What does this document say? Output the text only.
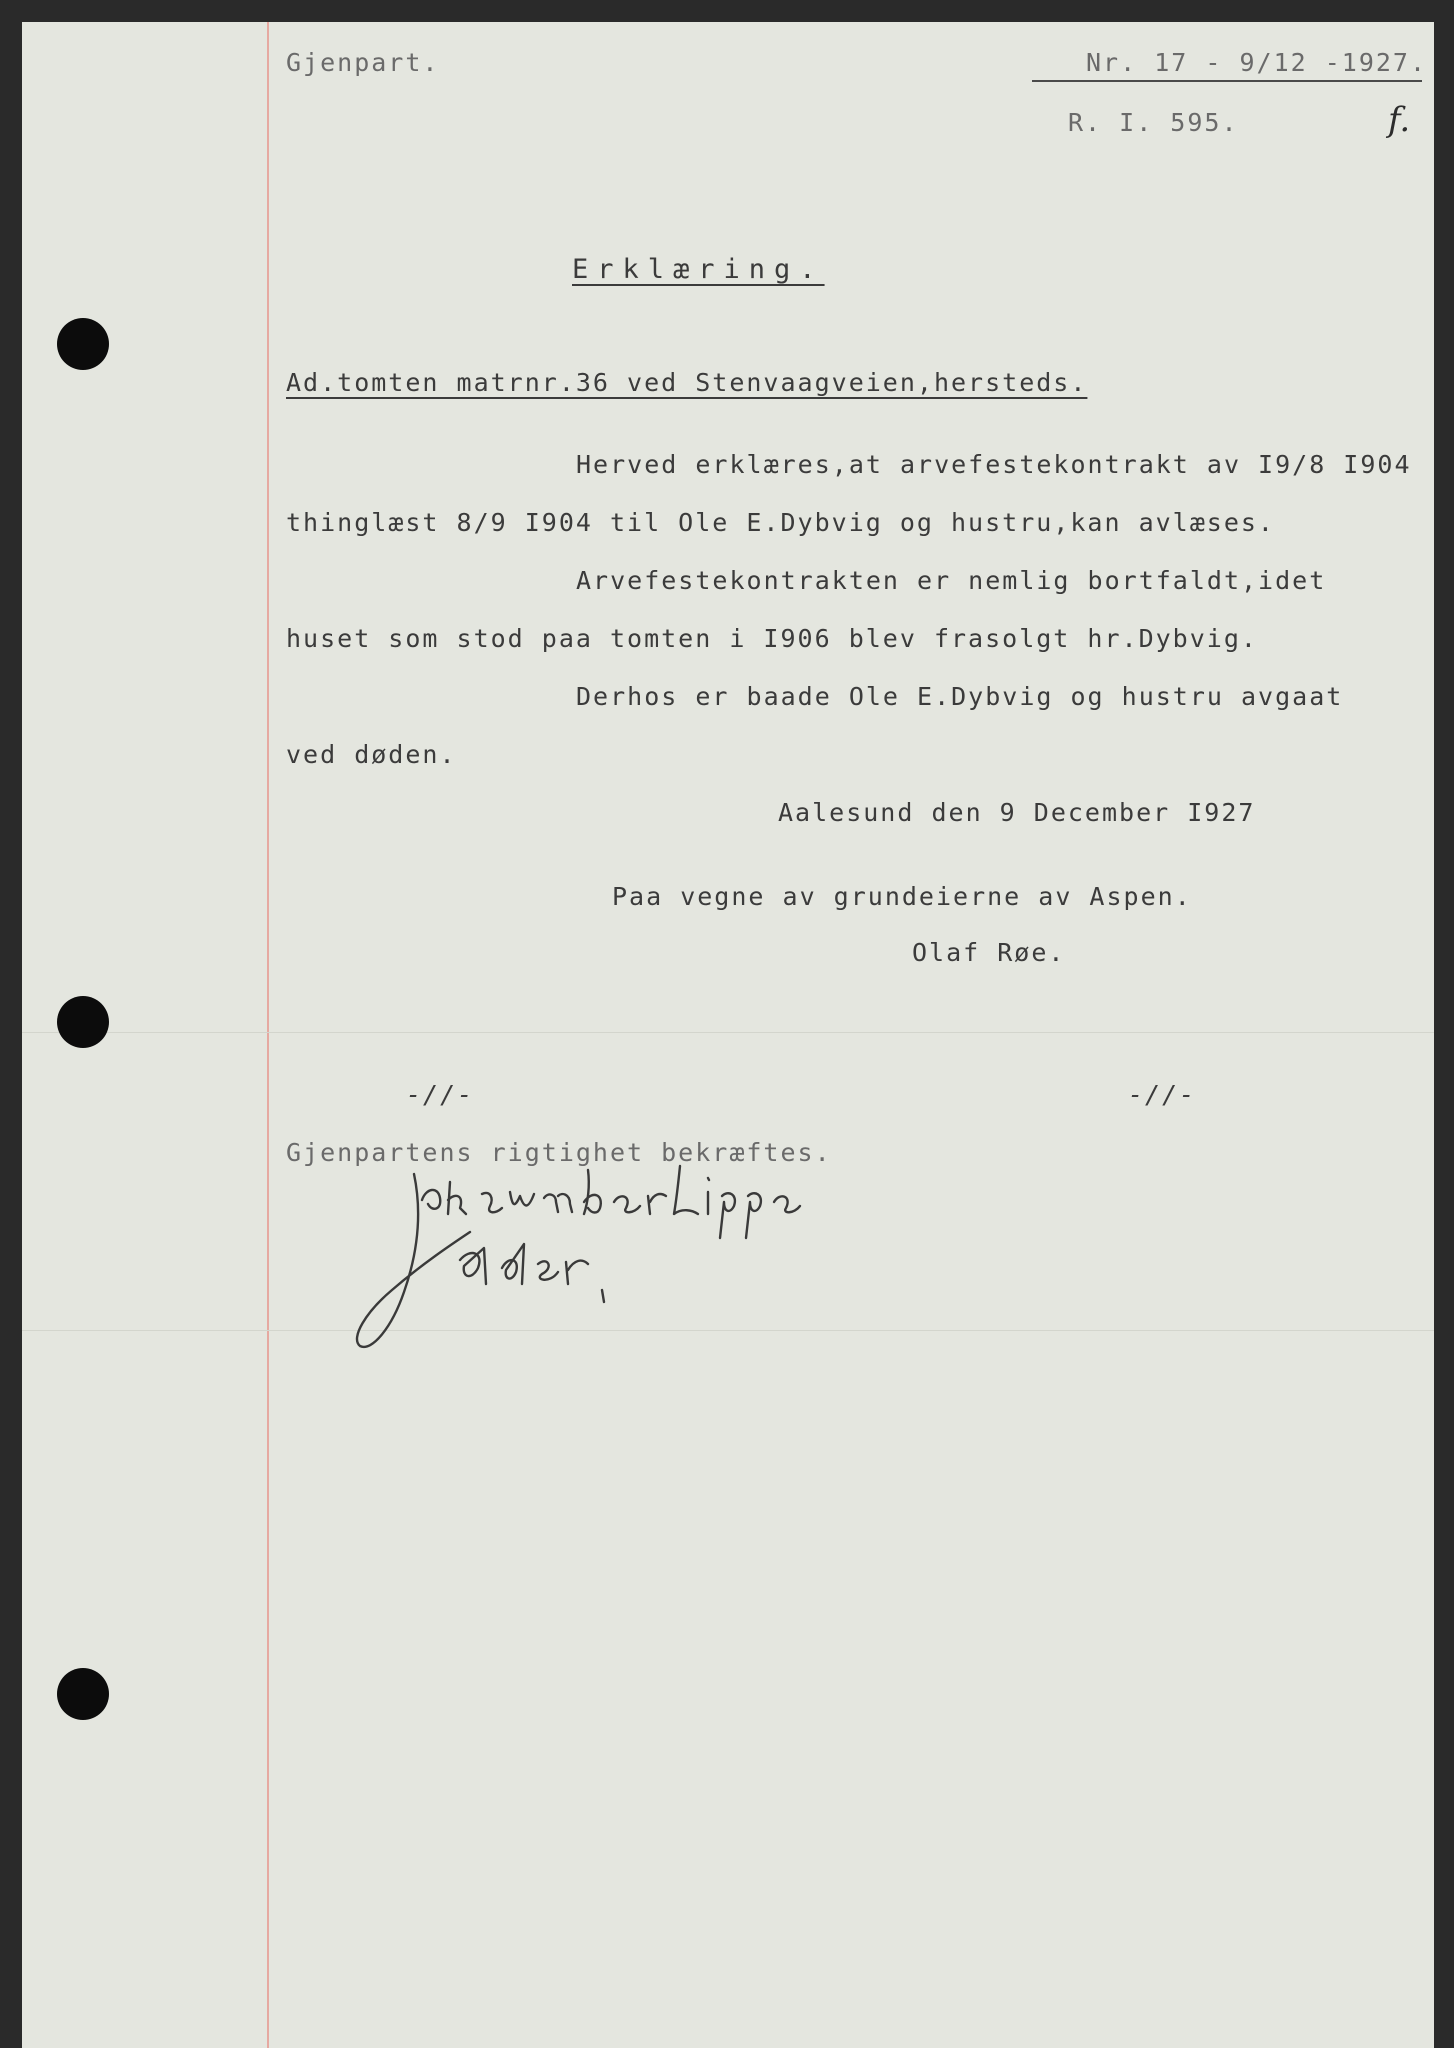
Gjenpart.	Nr. 17 - 9/12 -1927.
R. I. 595.	f.
Erklæring.
Ad.tomten matrnr.36 ved Stenvaagveien,hersteds.
Herved erklæres,at arvefestekontrakt av I9/8 I904
thinglæst 8/9 I904 til Ole E.Dybvig og hustru,kan avlæses.
Arvefestekontrakten er nemlig bortfaldt,idet
huset som stod paa tomten i I906 blev frasolgt hr.Dybvig.
Derhos er baade Ole E.Dybvig og hustru avgaat
ved døden.
Aalesund den 9 December I927
Paa vegne av grundeierne av Aspen.
Olaf Røe.
-//-	-//-
Gjenpartens rigtighet bekræftes.
